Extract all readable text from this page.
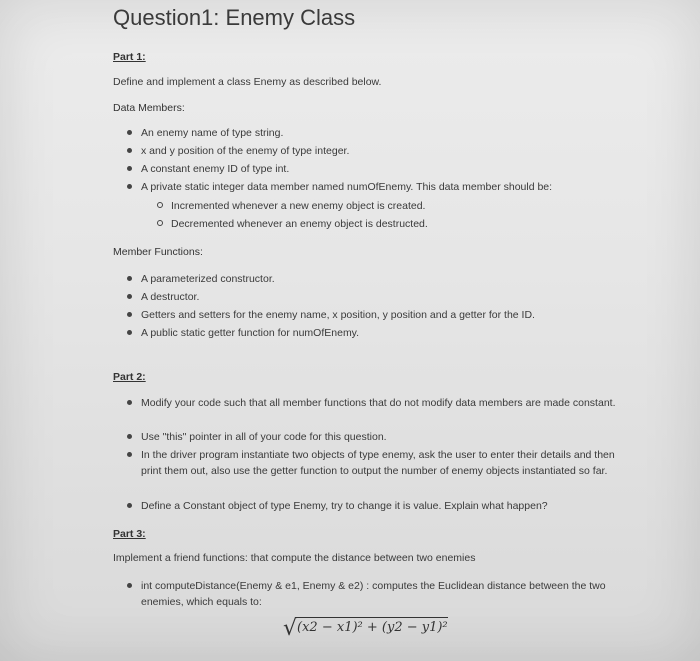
Question1: Enemy Class
Part 1:
Define and implement a class Enemy as described below.
Data Members:
An enemy name of type string.
x and y position of the enemy of type integer.
A constant enemy ID of type int.
A private static integer data member named numOfEnemy. This data member should be:
Incremented whenever a new enemy object is created.
Decremented whenever an enemy object is destructed.
Member Functions:
A parameterized constructor.
A destructor.
Getters and setters for the enemy name, x position, y position and a getter for the ID.
A public static getter function for numOfEnemy.
Part 2:
Modify your code such that all member functions that do not modify data members are made constant.
Use "this" pointer in all of your code for this question.
In the driver program instantiate two objects of type enemy, ask the user to enter their details and then print them out, also use the getter function to output the number of enemy objects instantiated so far.
Define a Constant object of type Enemy, try to change it is value. Explain what happen?
Part 3:
Implement a friend functions: that compute the distance between two enemies
int computeDistance(Enemy & e1, Enemy & e2) : computes the Euclidean distance between the two enemies, which equals to:
√(x2 − x1)² + (y2 − y1)²
